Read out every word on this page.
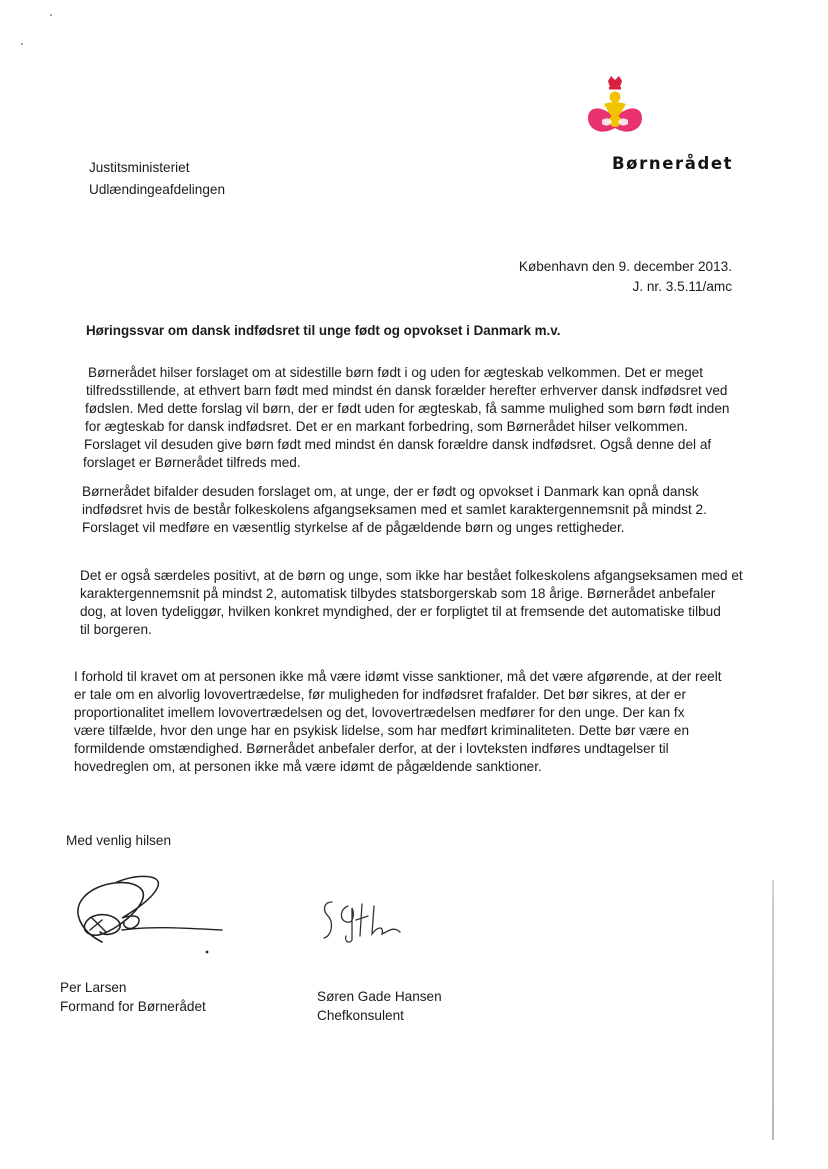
Børnerådet
Justitsministeriet
Udlændingeafdelingen
København den 9. december 2013.
J. nr. 3.5.11/amc
Høringssvar om dansk indfødsret til unge født og opvokset i Danmark m.v.
Børnerådet hilser forslaget om at sidestille børn født i og uden for ægteskab velkommen. Det er meget
tilfredsstillende, at ethvert barn født med mindst én dansk forælder herefter erhverver dansk indfødsret ved
fødslen. Med dette forslag vil børn, der er født uden for ægteskab, få samme mulighed som børn født inden
for ægteskab for dansk indfødsret. Det er en markant forbedring, som Børnerådet hilser velkommen.
Forslaget vil desuden give børn født med mindst én dansk forældre dansk indfødsret. Også denne del af
forslaget er Børnerådet tilfreds med.
Børnerådet bifalder desuden forslaget om, at unge, der er født og opvokset i Danmark kan opnå dansk
indfødsret hvis de består folkeskolens afgangseksamen med et samlet karaktergennemsnit på mindst 2.
Forslaget vil medføre en væsentlig styrkelse af de pågældende børn og unges rettigheder.
Det er også særdeles positivt, at de børn og unge, som ikke har bestået folkeskolens afgangseksamen med et
karaktergennemsnit på mindst 2, automatisk tilbydes statsborgerskab som 18 årige. Børnerådet anbefaler
dog, at loven tydeliggør, hvilken konkret myndighed, der er forpligtet til at fremsende det automatiske tilbud
til borgeren.
I forhold til kravet om at personen ikke må være idømt visse sanktioner, må det være afgørende, at der reelt
er tale om en alvorlig lovovertrædelse, før muligheden for indfødsret frafalder. Det bør sikres, at der er
proportionalitet imellem lovovertrædelsen og det, lovovertrædelsen medfører for den unge. Der kan fx
være tilfælde, hvor den unge har en psykisk lidelse, som har medført kriminaliteten. Dette bør være en
formildende omstændighed. Børnerådet anbefaler derfor, at der i lovteksten indføres undtagelser til
hovedreglen om, at personen ikke må være idømt de pågældende sanktioner.
Med venlig hilsen
Per Larsen
Formand for Børnerådet
Søren Gade Hansen
Chefkonsulent
